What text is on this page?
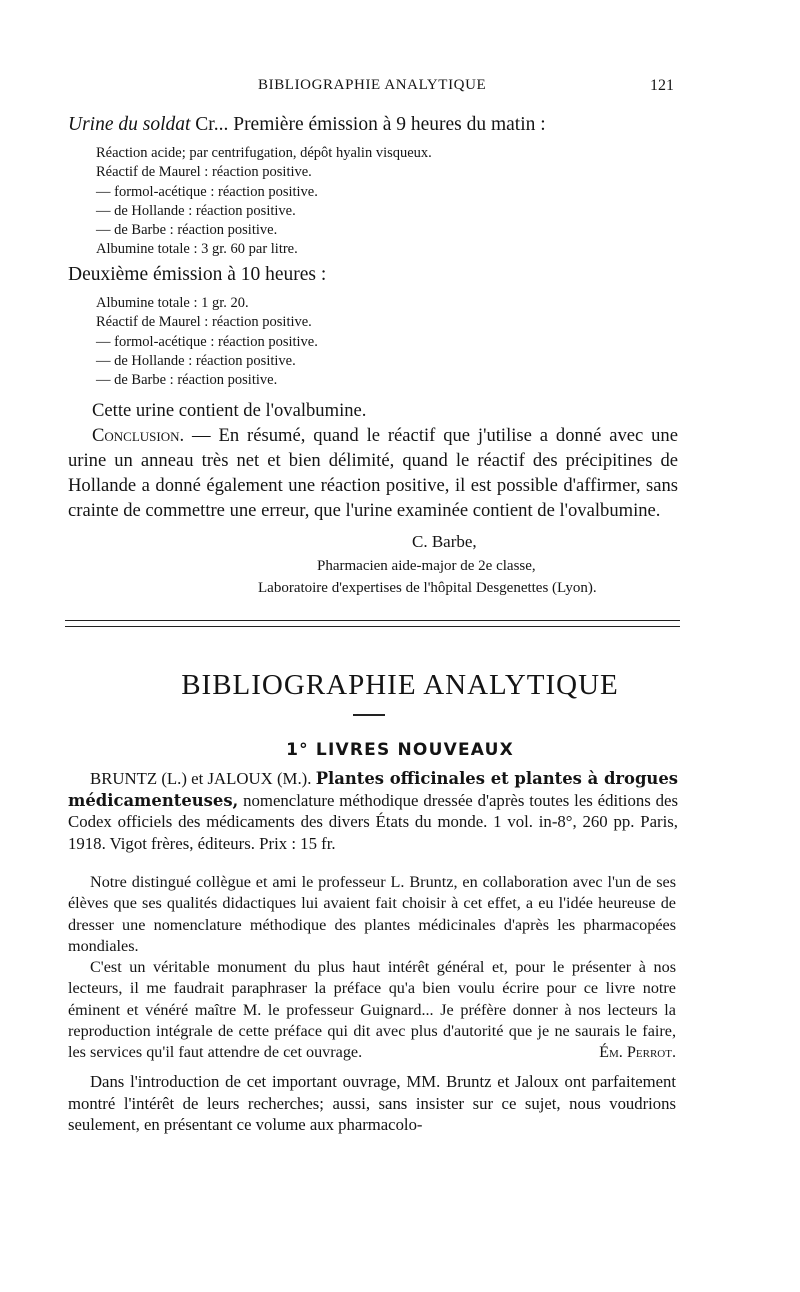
BIBLIOGRAPHIE ANALYTIQUE	121
Urine du soldat Cr... Première émission à 9 heures du matin :
Réaction acide; par centrifugation, dépôt hyalin visqueux.
Réactif de Maurel : réaction positive.
— formol-acétique : réaction positive.
— de Hollande : réaction positive.
— de Barbe : réaction positive.
Albumine totale : 3 gr. 60 par litre.
Deuxième émission à 10 heures :
Albumine totale : 1 gr. 20.
Réactif de Maurel : réaction positive.
— formol-acétique : réaction positive.
— de Hollande : réaction positive.
— de Barbe : réaction positive.

Cette urine contient de l'ovalbumine.

Conclusion. — En résumé, quand le réactif que j'utilise a donné avec une urine un anneau très net et bien délimité, quand le réactif des précipitines de Hollande a donné également une réaction positive, il est possible d'affirmer, sans crainte de commettre une erreur, que l'urine examinée contient de l'ovalbumine.

C. Barbe,
Pharmacien aide-major de 2e classe,
Laboratoire d'expertises de l'hôpital Desgenettes (Lyon).
BIBLIOGRAPHIE ANALYTIQUE
1° LIVRES NOUVEAUX
BRUNTZ (L.) et JALOUX (M.). Plantes officinales et plantes à drogues médicamenteuses, nomenclature méthodique dressée d'après toutes les éditions des Codex officiels des médicaments des divers États du monde. 1 vol. in-8°, 260 pp. Paris, 1918. Vigot frères, éditeurs. Prix : 15 fr.

Notre distingué collègue et ami le professeur L. Bruntz, en collaboration avec l'un de ses élèves que ses qualités didactiques lui avaient fait choisir à cet effet, a eu l'idée heureuse de dresser une nomenclature méthodique des plantes médicinales d'après les pharmacopées mondiales.

C'est un véritable monument du plus haut intérêt général et, pour le présenter à nos lecteurs, il me faudrait paraphraser la préface qu'a bien voulu écrire pour ce livre notre éminent et vénéré maître M. le professeur Guignard... Je préfère donner à nos lecteurs la reproduction intégrale de cette préface qui dit avec plus d'autorité que je ne saurais le faire, les services qu'il faut attendre de cet ouvrage.	Ém. Perrot.

Dans l'introduction de cet important ouvrage, MM. Bruntz et Jaloux ont parfaitement montré l'intérêt de leurs recherches; aussi, sans insister sur ce sujet, nous voudrions seulement, en présentant ce volume aux pharmacolo-
